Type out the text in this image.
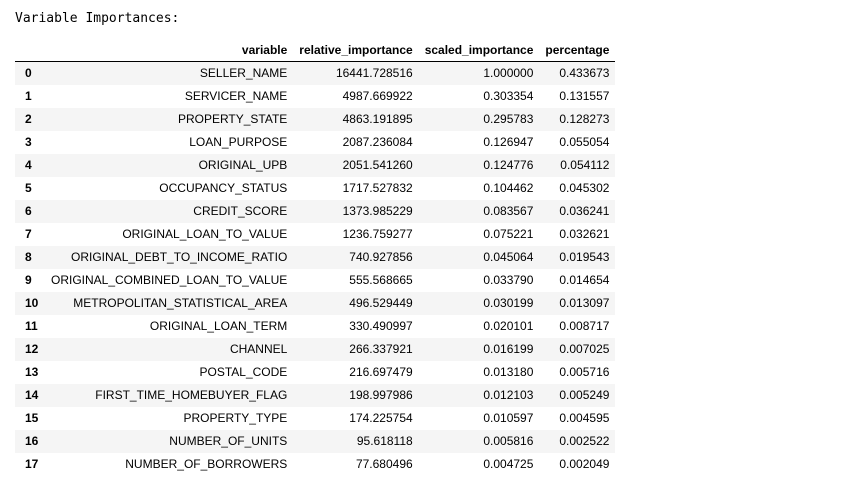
Variable Importances:
	variable	relative_importance	scaled_importance	percentage
0	SELLER_NAME	16441.728516	1.000000	0.433673
1	SERVICER_NAME	4987.669922	0.303354	0.131557
2	PROPERTY_STATE	4863.191895	0.295783	0.128273
3	LOAN_PURPOSE	2087.236084	0.126947	0.055054
4	ORIGINAL_UPB	2051.541260	0.124776	0.054112
5	OCCUPANCY_STATUS	1717.527832	0.104462	0.045302
6	CREDIT_SCORE	1373.985229	0.083567	0.036241
7	ORIGINAL_LOAN_TO_VALUE	1236.759277	0.075221	0.032621
8	ORIGINAL_DEBT_TO_INCOME_RATIO	740.927856	0.045064	0.019543
9	ORIGINAL_COMBINED_LOAN_TO_VALUE	555.568665	0.033790	0.014654
10	METROPOLITAN_STATISTICAL_AREA	496.529449	0.030199	0.013097
11	ORIGINAL_LOAN_TERM	330.490997	0.020101	0.008717
12	CHANNEL	266.337921	0.016199	0.007025
13	POSTAL_CODE	216.697479	0.013180	0.005716
14	FIRST_TIME_HOMEBUYER_FLAG	198.997986	0.012103	0.005249
15	PROPERTY_TYPE	174.225754	0.010597	0.004595
16	NUMBER_OF_UNITS	95.618118	0.005816	0.002522
17	NUMBER_OF_BORROWERS	77.680496	0.004725	0.002049
